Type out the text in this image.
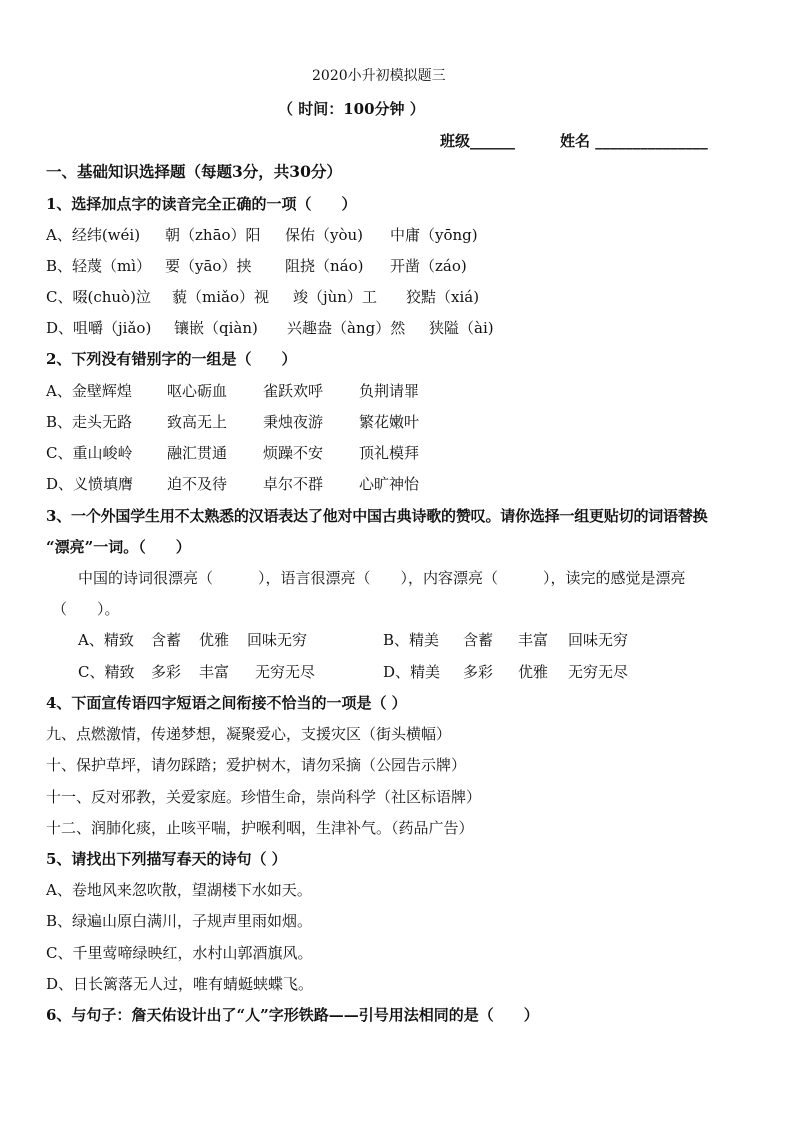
2020小升初模拟题三
（ 时间：100分钟 ）
班级______	姓名 _______________
一、基础知识选择题（每题3分，共30分）
1、选择加点字的读音完全正确的一项（　　）
A、经纬(wéi) 朝（zhāo）阳 保佑（yòu) 中庸（yōng)
B、轻蔑（mì） 要（yāo）挟 阻挠（náo) 开凿（záo)
C、啜(chuò)泣 藐（miǎo）视 竣（jùn）工 狡黠（xiá)
D、咀嚼（jiǎo) 镶嵌（qiàn) 兴趣盎（àng）然 狭隘（ài)
2、下列没有错别字的一组是（　　）
A、金壁辉煌 呕心砺血 雀跃欢呼 负荆请罪
B、走头无路 致高无上 秉烛夜游 繁花嫩叶
C、重山峻岭 融汇贯通 烦躁不安 顶礼模拜
D、义愤填膺 迫不及待 卓尔不群 心旷神怡
3、一个外国学生用不太熟悉的汉语表达了他对中国古典诗歌的赞叹。请你选择一组更贴切的词语替换
“漂亮”一词。（　　）
中国的诗词很漂亮（　　　），语言很漂亮（　　），内容漂亮（　　　），读完的感觉是漂亮
（　　）。
A、精致 含蓄 优雅 回味无穷	B、精美 含蓄 丰富 回味无穷
C、精致 多彩 丰富 无穷无尽	D、精美 多彩 优雅 无穷无尽
4、下面宣传语四字短语之间衔接不恰当的一项是（ ）
九、点燃激情，传递梦想，凝聚爱心，支援灾区（街头横幅）
十、保护草坪，请勿踩踏；爱护树木，请勿采摘（公园告示牌）
十一、反对邪教，关爱家庭。珍惜生命，崇尚科学（社区标语牌）
十二、润肺化痰，止咳平喘，护喉利咽，生津补气。（药品广告）
5、请找出下列描写春天的诗句（ ）
A、卷地风来忽吹散，望湖楼下水如天。
B、绿遍山原白满川，子规声里雨如烟。
C、千里莺啼绿映红，水村山郭酒旗风。
D、日长篱落无人过，唯有蜻蜓蛱蝶飞。
6、与句子：詹天佑设计出了“人”字形铁路——引号用法相同的是（　　）
